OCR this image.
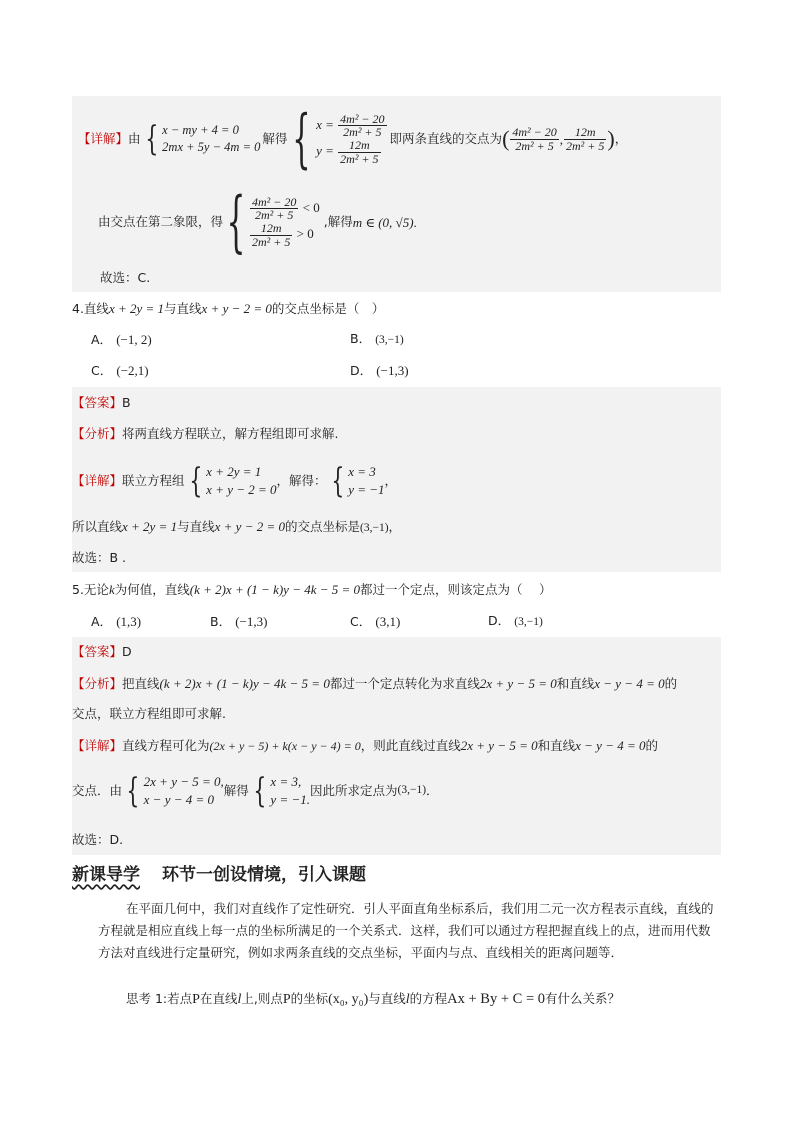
【详解】 由 { x − my + 4 = 0
2mx + 5y − 4m = 0
解得 { $x = \frac{\text{4m² − 20}}{\text{2m² + 5}}$
$y = \frac{12m}{\text{2m² + 5}}$
即两条直线的交点为 ( $\frac{\text{4m² − 20}}{\text{2m² + 5}}$ , $\frac{12m}{\text{2m² + 5}}$ ) ，
由交点在第二象限，得 { $\frac{\text{4m² − 20}}{\text{2m² + 5}} < 0$
$\frac{12m}{\text{2m² + 5}} > 0$
,解得 m ∈ (0, √5) .
故选：C.
4.直线x + 2y = 1与直线x + y − 2 = 0的交点坐标是（　）
A． (−1, 2)	B． (3,−1)
C． (−2,1)	D． (−1,3)
【答案】B
【分析】将两直线方程联立，解方程组即可求解.
【详解】 联立方程组 { x + 2y = 1
x + y − 2 = 0
，解得： { x = 3
y = −1
，
所以直线x + 2y = 1与直线x + y − 2 = 0的交点坐标是(3,−1)，
故选：B .
5.无论k为何值，直线(k + 2)x + (1 − k)y − 4k − 5 = 0都过一个定点，则该定点为（　 ）
A． (1,3)	B． (−1,3)	C． (3,1)	D． (3,−1)
【答案】D
【分析】把直线(k + 2)x + (1 − k)y − 4k − 5 = 0都过一个定点转化为求直线2x + y − 5 = 0和直线x − y − 4 = 0的
交点，联立方程组即可求解.
【详解】直线方程可化为(2x + y − 5) + k(x − y − 4) = 0，则此直线过直线2x + y − 5 = 0和直线x − y − 4 = 0的
交点．由 { 2x + y − 5 = 0,
x − y − 4 = 0
解得 { x = 3,
y = −1.
因此所求定点为 (3,−1) ．
故选：D.
新课导学 环节一创设情境，引入课题
在平面几何中，我们对直线作了定性研究．引人平面直角坐标系后，我们用二元一次方程表示直线，直线的方程就是相应直线上每一点的坐标所满足的一个关系式．这样，我们可以通过方程把握直线上的点，进而用代数方法对直线进行定量研究，例如求两条直线的交点坐标，平面内与点、直线相关的距离问题等．
思考 1:若点P在直线l上,则点P的坐标(x₀, y₀)与直线l的方程Ax + By + C = 0有什么关系？
